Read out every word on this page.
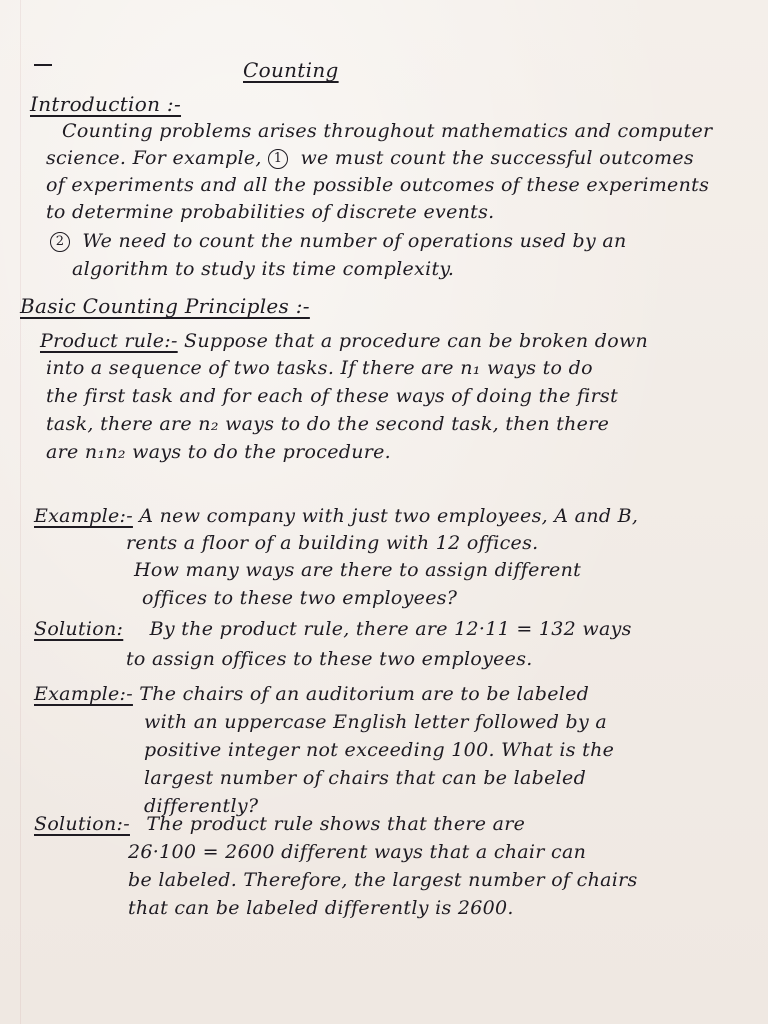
Counting
Introduction :-
Counting problems arises throughout mathematics and computer
science. For example, 1 we must count the successful outcomes
of experiments and all the possible outcomes of these experiments
to determine probabilities of discrete events.
2 We need to count the number of operations used by an
algorithm to study its time complexity.
Basic Counting Principles :-
Product rule:- Suppose that a procedure can be broken down
into a sequence of two tasks. If there are n₁ ways to do
the first task and for each of these ways of doing the first
task, there are n₂ ways to do the second task, then there
are n₁n₂ ways to do the procedure.
Example:- A new company with just two employees, A and B,
rents a floor of a building with 12 offices.
How many ways are there to assign different
offices to these two employees?
Solution: By the product rule, there are 12·11 = 132 ways
to assign offices to these two employees.
Example:- The chairs of an auditorium are to be labeled
with an uppercase English letter followed by a
positive integer not exceeding 100. What is the
largest number of chairs that can be labeled
differently?
Solution:- The product rule shows that there are
26·100 = 2600 different ways that a chair can
be labeled. Therefore, the largest number of chairs
that can be labeled differently is 2600.
